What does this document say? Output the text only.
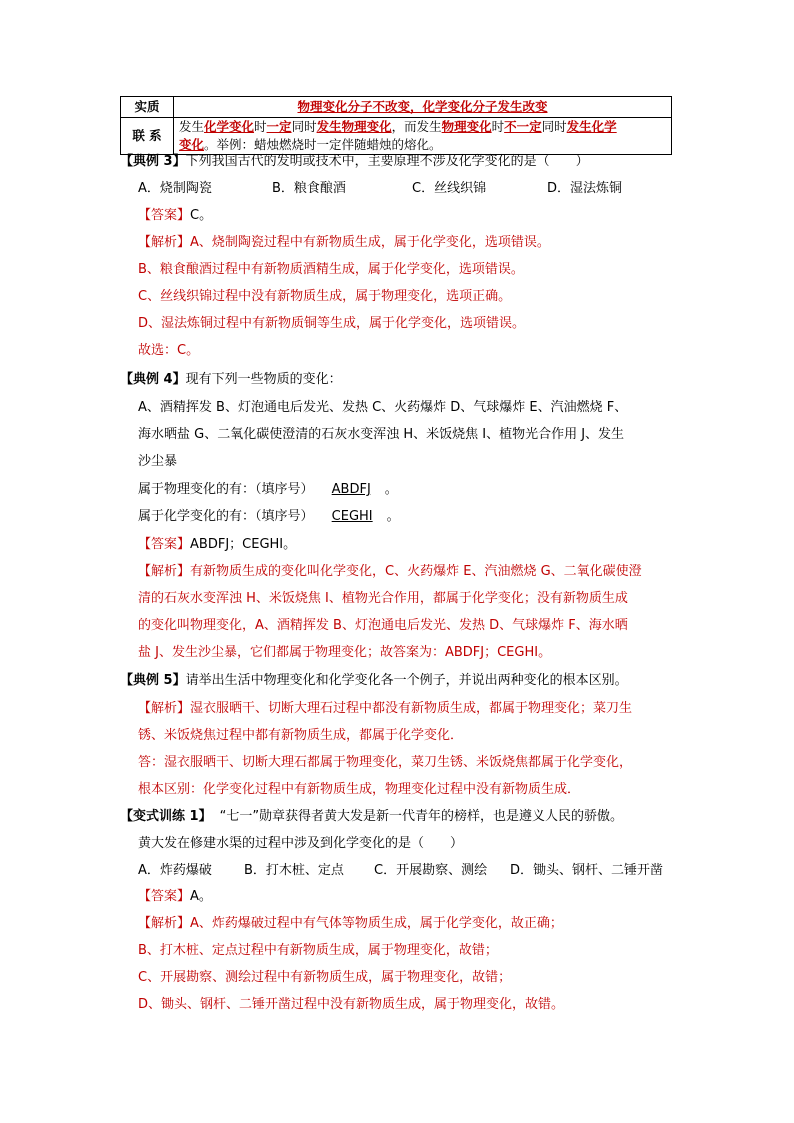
实质	物理变化分子不改变，化学变化分子发生改变
联 系	发生化学变化时一定同时发生物理变化，而发生物理变化时不一定同时发生化学
变化。举例：蜡烛燃烧时一定伴随蜡烛的熔化。
【典例 3】下列我国古代的发明或技术中，主要原理不涉及化学变化的是（　　）
A．烧制陶瓷	B．粮食酿酒	C．丝线织锦	D．湿法炼铜
【答案】C。
【解析】A、烧制陶瓷过程中有新物质生成，属于化学变化，选项错误。
B、粮食酿酒过程中有新物质酒精生成，属于化学变化，选项错误。
C、丝线织锦过程中没有新物质生成，属于物理变化，选项正确。
D、湿法炼铜过程中有新物质铜等生成，属于化学变化，选项错误。
故选：C。
【典例 4】现有下列一些物质的变化：
A、酒精挥发 B、灯泡通电后发光、发热 C、火药爆炸 D、气球爆炸 E、汽油燃烧 F、
海水晒盐 G、二氧化碳使澄清的石灰水变浑浊 H、米饭烧焦 I、植物光合作用 J、发生
沙尘暴
属于物理变化的有：（填序号） ABDFJ 。
属于化学变化的有：（填序号） CEGHI 。
【答案】ABDFJ；CEGHI。
【解析】有新物质生成的变化叫化学变化，C、火药爆炸 E、汽油燃烧 G、二氧化碳使澄
清的石灰水变浑浊 H、米饭烧焦 I、植物光合作用，都属于化学变化；没有新物质生成
的变化叫物理变化，A、酒精挥发 B、灯泡通电后发光、发热 D、气球爆炸 F、海水晒
盐 J、发生沙尘暴，它们都属于物理变化；故答案为：ABDFJ；CEGHI。
【典例 5】请举出生活中物理变化和化学变化各一个例子，并说出两种变化的根本区别。
【解析】湿衣服晒干、切断大理石过程中都没有新物质生成，都属于物理变化；菜刀生
锈、米饭烧焦过程中都有新物质生成，都属于化学变化．
答：湿衣服晒干、切断大理石都属于物理变化，菜刀生锈、米饭烧焦都属于化学变化，
根本区别：化学变化过程中有新物质生成，物理变化过程中没有新物质生成．
【变式训练 1】 “七一”勋章获得者黄大发是新一代青年的榜样，也是遵义人民的骄傲。
黄大发在修建水渠的过程中涉及到化学变化的是（　　）
A．炸药爆破 B．打木桩、定点 C．开展勘察、测绘 D．锄头、钢杆、二锤开凿
【答案】A。
【解析】A、炸药爆破过程中有气体等物质生成，属于化学变化，故正确；
B、打木桩、定点过程中有新物质生成，属于物理变化，故错；
C、开展勘察、测绘过程中有新物质生成，属于物理变化，故错；
D、锄头、钢杆、二锤开凿过程中没有新物质生成，属于物理变化，故错。
